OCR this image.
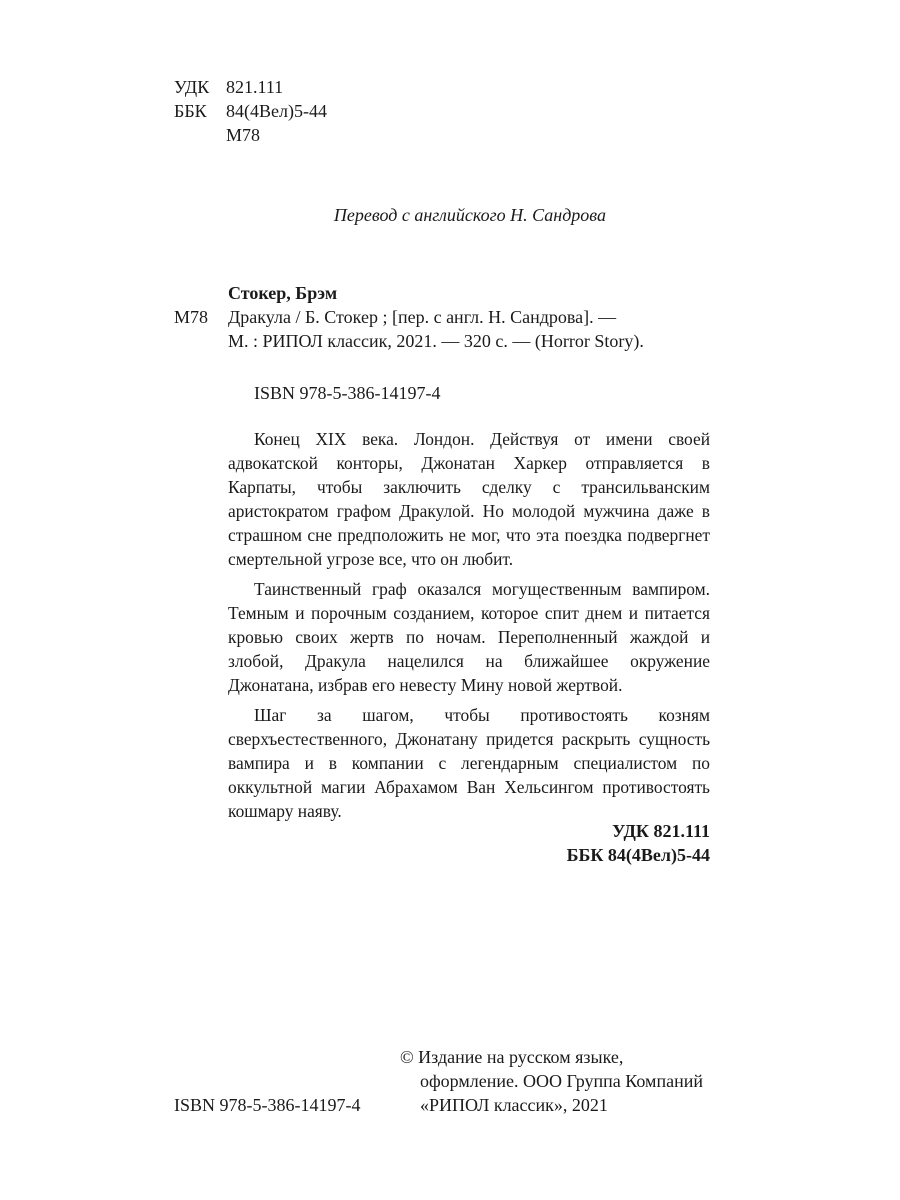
УДК 821.111
ББК 84(4Вел)5-44
М78
Перевод с английского Н. Сандрова
Стокер, Брэм
М78 Дракула / Б. Стокер ; [пер. с англ. Н. Сандрова]. —
М. : РИПОЛ классик, 2021. — 320 с. — (Horror Story).
ISBN 978-5-386-14197-4

Конец XIX века. Лондон. Действуя от имени своей адвокатской конторы, Джонатан Харкер отправляется в Карпаты, чтобы заключить сделку с трансильванским аристократом графом Дракулой. Но молодой мужчина даже в страшном сне предположить не мог, что эта поездка подвергнет смертельной угрозе все, что он любит.

Таинственный граф оказался могущественным вампиром. Темным и порочным созданием, которое спит днем и питается кровью своих жертв по ночам. Переполненный жаждой и злобой, Дракула нацелился на ближайшее окружение Джонатана, избрав его невесту Мину новой жертвой.

Шаг за шагом, чтобы противостоять козням сверхъестественного, Джонатану придется раскрыть сущность вампира и в компании с легендарным специалистом по оккультной магии Абрахамом Ван Хельсингом противостоять кошмару наяву.

УДК 821.111
ББК 84(4Вел)5-44
ISBN 978-5-386-14197-4
© Издание на русском языке,
оформление. ООО Группа Компаний
«РИПОЛ классик», 2021
